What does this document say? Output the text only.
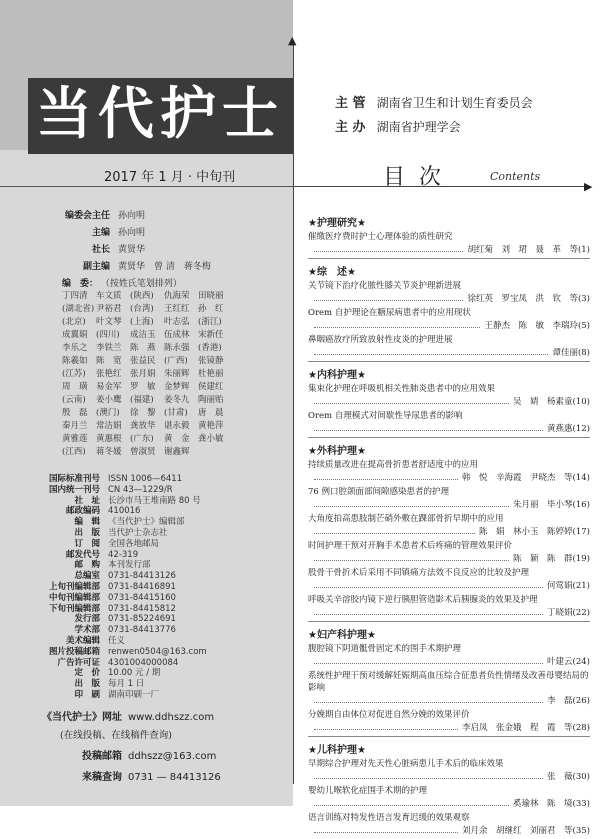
当代护士
2017 年 1 月 · 中旬刊
▲
▶
主 管 湖南省卫生和计划生育委员会
主 办 湖南省护理学会
目次	Contents
编委会主任 孙向明
主编 孙向明
社长 黄贤华
副主编 黄贤华　曾 清　蒋冬梅
编　委： （按姓氏笔划排列）
丁四清 车文质 (陕西) 仇海荣 田晓丽
(湖北省) 尹裕君 (台湾) 王红红 孙　红
(北京) 叶文琴 (上海) 叶志弘 (浙江)
成翼娟 (四川) 成洁玉 伍成林 宋新任
李乐之 李铁兰 陈　燕 陈永强 (香港)
陈羲如 陈　宽 张益民 (广西) 张镜静
(江苏) 张艳红 张月娟 朱丽辉 杜艳丽
周　璜 易金军 罗　敏 金梦辉 侯建红
(云南) 姜小鹰 (福建) 姜冬九 陶丽贻
殷　磊 (澳门) 徐　黎 (甘肃) 唐　晨
秦月兰 常洁娟 龚放华 谌永毅 黄艳萍
黄雅莲 黄惠根 (广东) 黄　金 龚小敏
(江西) 蒋冬媛 曾淑贤 谢鑫辉
国际标准刊号 ISSN 1006—6411
国内统一刊号 CN 43—1229/R
社　址 长沙市马王堆南路 80 号
邮政编码 410016
编　辑 《当代护士》编辑部
出　版 当代护士杂志社
订　阅 全国各地邮局
邮发代号 42-319
邮　购 本刊发行部
总编室 0731-84413126
上旬刊编辑部 0731-84416891
中旬刊编辑部 0731-84415160
下旬刊编辑部 0731-84415812
发行部 0731-85224691
学术部 0731-84413776
美术编辑 任义
图片投稿邮箱 renwen0504@163.com
广告许可证 4301004000084
定　价 10.00 元 / 期
出　版 每月 1 日
印　刷 湖南印刷一厂
《当代护士》网址 www.ddhszz.com
(在线投稿、在线稿件查询)
投稿邮箱 ddhszz@163.com
来稿查询 0731 — 84413126
★护理研究★
催缴医疗费时护士心理体验的质性研究
胡红菊　刘　珺　聂　革　等(1)
★综　述★
关节镜下治疗化脓性膝关节炎护理新进展
徐红英　罗宝凤　洪　钦　等(3)
Orem 自护理论在糖尿病患者中的应用现状
王静杰　陈　敏　李瑞玲(5)
鼻咽癌放疗所致放射性皮炎的护理进展
谭佳丽(8)
★内科护理★
集束化护理在呼吸机相关性肺炎患者中的应用效果
吴　婧　杨素童(10)
Orem 自理模式对间歇性导尿患者的影响
黄燕惠(12)
★外科护理★
持续质量改进在提高骨折患者舒适度中的应用
韩　悦　辛海霞　尹晓杰　等(14)
76 例口腔颌面部间隙感染患者的护理
朱月丽　毕小琴(16)
大角度拍高患肢制芒硝外敷在踝部骨折早期中的应用
陈　娟　林小玉　陈婷婷(17)
时间护理干预对开胸手术患者术后疼痛的管理效果评价
陈　颖　陈　群(19)
股骨干骨折术后采用不同镇痛方法效不良反应的比较及护理
何莺娟(21)
呼吸关辛溶胶内镜下逆行胰胆管造影术后胰腺炎的效果及护理
丁晓娟(22)
★妇产科护理★
腹腔镜下阴道骶骨固定术的围手术期护理
叶建云(24)
系统性护理干预对缓解妊娠期高血压综合征患者负性情绪及改善母婴结局的影响
李　磊(26)
分娩期自由体位对促进自然分娩的效果评价
李启凤　张金娥　程　霞　等(28)
★儿科护理★
早期综合护理对先天性心脏病患儿手术后的临床效果
张　薇(30)
婴幼儿喉软化症围手术期的护理
奚瑜林　陈　境(33)
语言训练对特发性语言发育迟缓的效果观察
刘月余　胡继红　刘丽君　等(35)
